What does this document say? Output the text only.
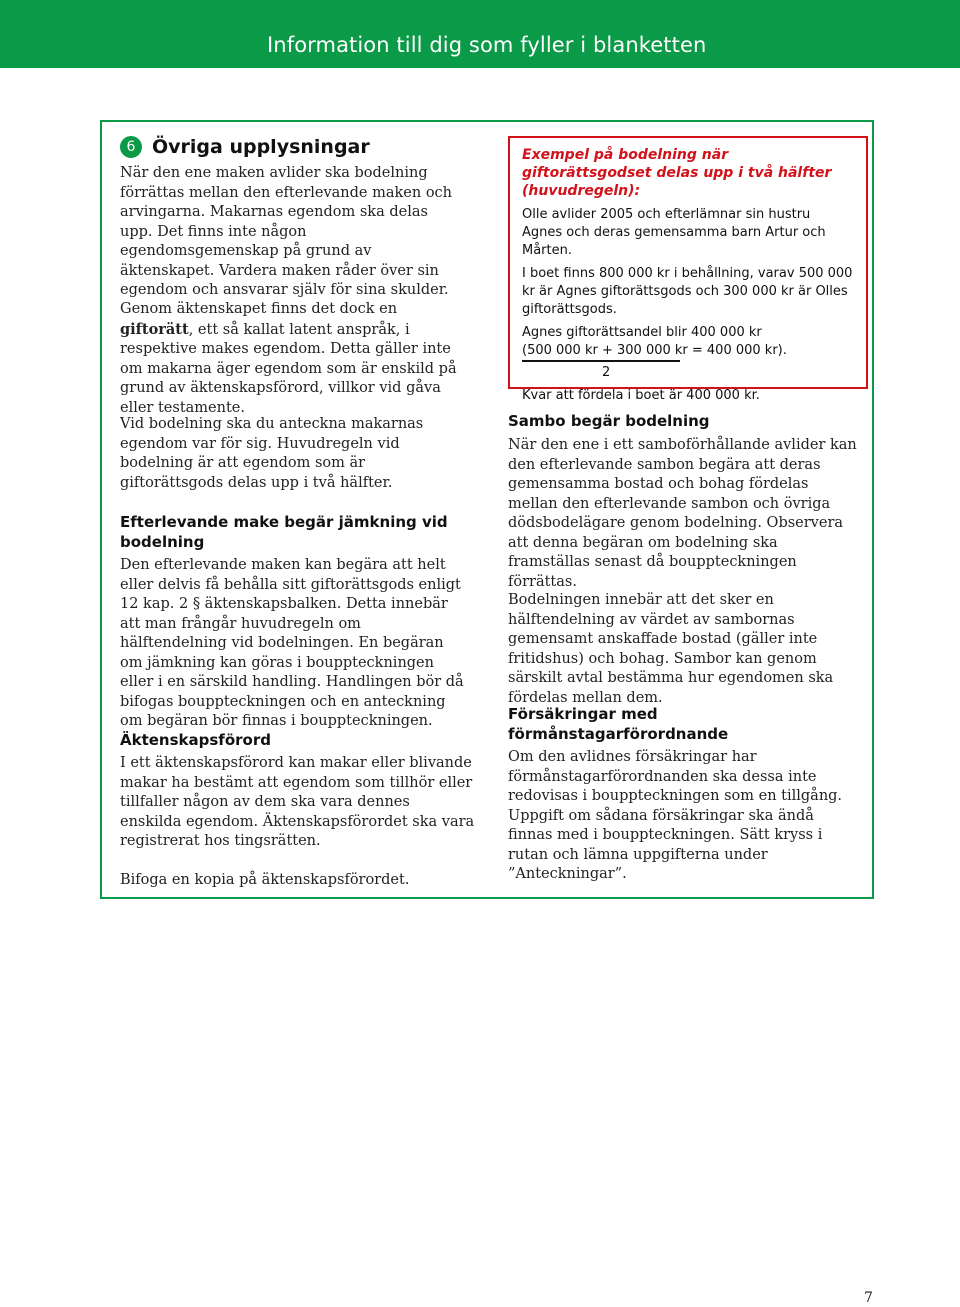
Information till dig som fyller i blanketten
6 Övriga upplysningar

När den ene maken avlider ska bodelning förrättas mellan den efterlevande maken och arvingarna. Makarnas egendom ska delas upp. Det finns inte någon egendomsgemenskap på grund av äktenskapet. Vardera maken råder över sin egendom och ansvarar själv för sina skulder.

Genom äktenskapet finns det dock en giftorätt, ett så kallat latent anspråk, i respektive makes egendom. Detta gäller inte om makarna äger egendom som är enskild på grund av äktenskapsförord, villkor vid gåva eller testamente.

Vid bodelning ska du anteckna makarnas egendom var för sig. Huvudregeln vid bodelning är att egendom som är giftorättsgods delas upp i två hälfter.

Efterlevande make begär jämkning vid bodelning

Den efterlevande maken kan begära att helt eller delvis få behålla sitt giftorättsgods enligt 12 kap. 2 § äktenskapsbalken. Detta innebär att man frångår huvudregeln om hälftendelning vid bodelningen. En begäran om jämkning kan göras i bouppteckningen eller i en särskild handling. Handlingen bör då bifogas bouppteckningen och en anteckning om begäran bör finnas i bouppteckningen.

Äktenskapsförord

I ett äktenskapsförord kan makar eller blivande makar ha bestämt att egendom som tillhör eller tillfaller någon av dem ska vara dennes enskilda egendom. Äktenskapsförordet ska vara registrerat hos tingsrätten.

Bifoga en kopia på äktenskapsförordet.

Exempel på bodelning när giftorättsgodset delas upp i två hälfter (huvudregeln):

Olle avlider 2005 och efterlämnar sin hustru Agnes och deras gemensamma barn Artur och Mårten.

I boet finns 800 000 kr i behållning, varav 500 000 kr är Agnes giftorättsgods och 300 000 kr är Olles giftorättsgods.

Agnes giftorättsandel blir 400 000 kr

(500 000 kr + 300 000 kr = 400 000 kr).

2

Kvar att fördela i boet är 400 000 kr.

Sambo begär bodelning

När den ene i ett samboförhållande avlider kan den efterlevande sambon begära att deras gemensamma bostad och bohag fördelas mellan den efterlevande sambon och övriga dödsbodelägare genom bodelning. Observera att denna begäran om bodelning ska framställas senast då bouppteckningen förrättas.

Bodelningen innebär att det sker en hälftendelning av värdet av sambornas gemensamt anskaffade bostad (gäller inte fritidshus) och bohag. Sambor kan genom särskilt avtal bestämma hur egendomen ska fördelas mellan dem.

Försäkringar med förmånstagarförordnande

Om den avlidnes försäkringar har förmånstagarförordnanden ska dessa inte redovisas i bouppteckningen som en tillgång. Uppgift om sådana försäkringar ska ändå finnas med i bouppteckningen. Sätt kryss i rutan och lämna uppgifterna under ”Anteckningar”.

7
